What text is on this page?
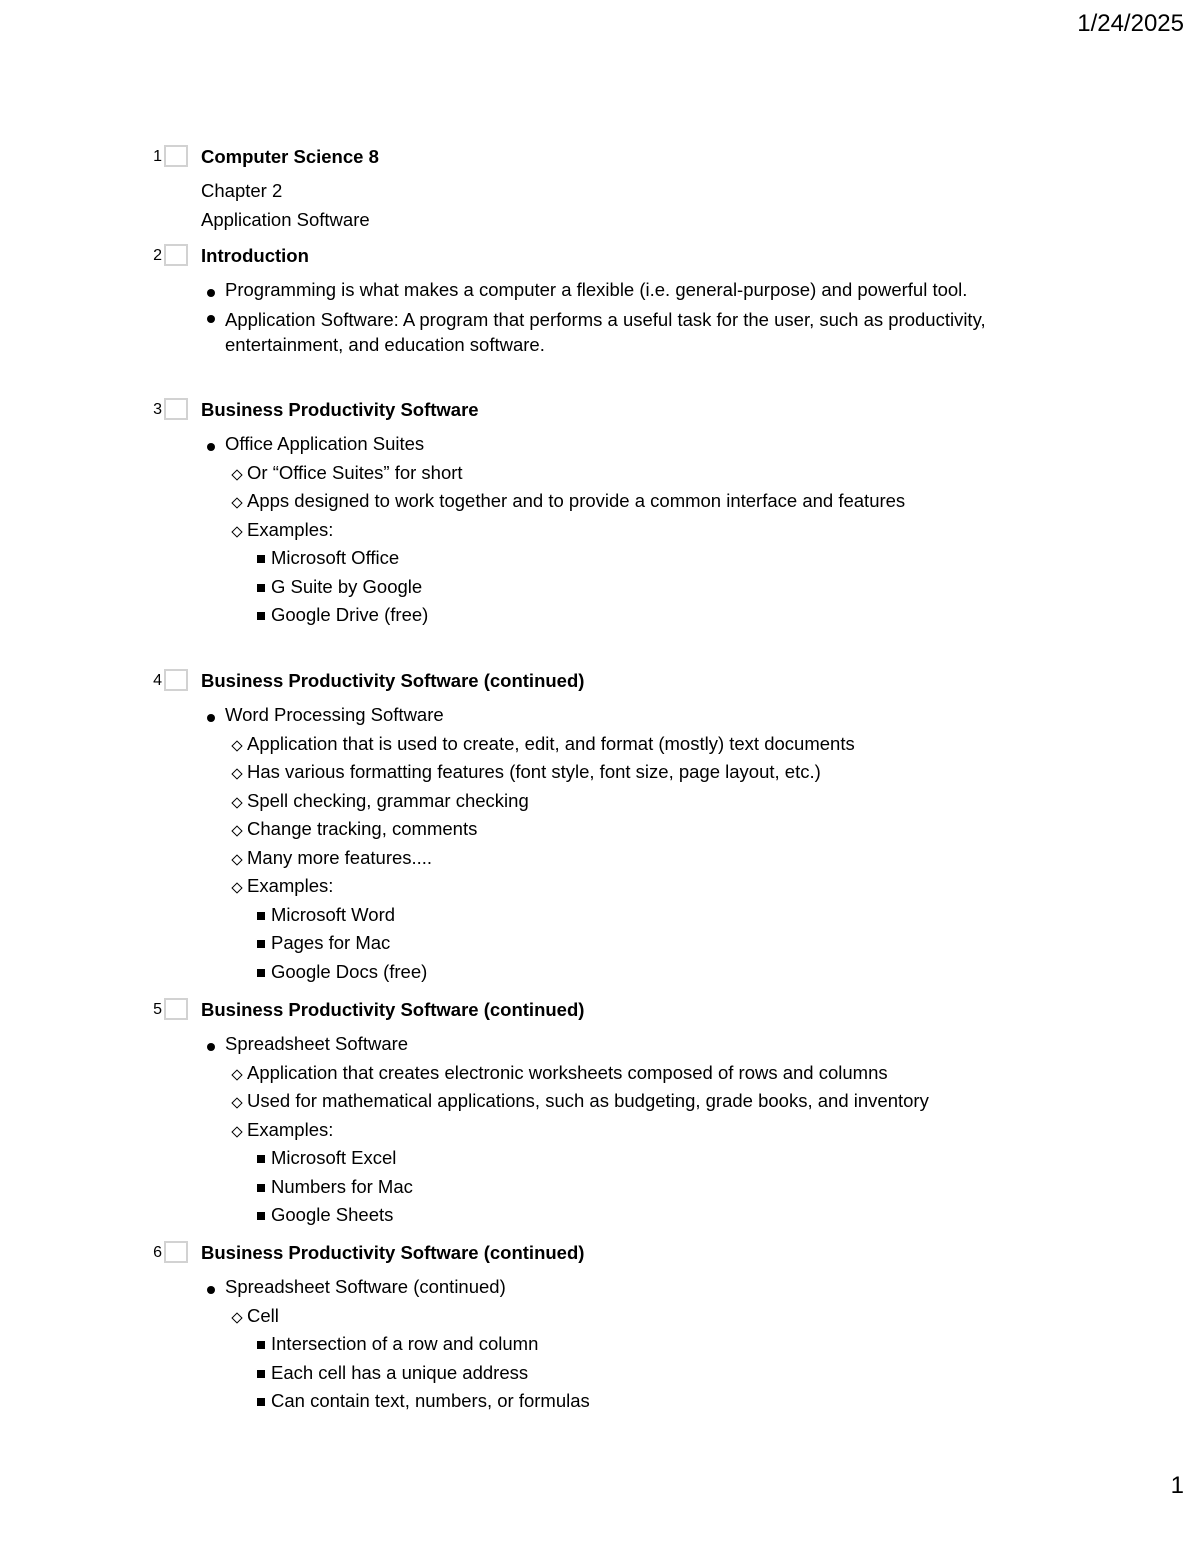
1/24/2025
1 Computer Science 8
Chapter 2
Application Software
2 Introduction
Programming is what makes a computer a flexible (i.e. general-purpose) and powerful tool.
Application Software: A program that performs a useful task for the user, such as productivity, entertainment, and education software.
3 Business Productivity Software
Office Application Suites
Or “Office Suites” for short
Apps designed to work together and to provide a common interface and features
Examples:
Microsoft Office
G Suite by Google
Google Drive (free)
4 Business Productivity Software (continued)
Word Processing Software
Application that is used to create, edit, and format (mostly) text documents
Has various formatting features (font style, font size, page layout, etc.)
Spell checking, grammar checking
Change tracking, comments
Many more features....
Examples:
Microsoft Word
Pages for Mac
Google Docs (free)
5 Business Productivity Software (continued)
Spreadsheet Software
Application that creates electronic worksheets composed of rows and columns
Used for mathematical applications, such as budgeting, grade books, and inventory
Examples:
Microsoft Excel
Numbers for Mac
Google Sheets
6 Business Productivity Software (continued)
Spreadsheet Software (continued)
Cell
Intersection of a row and column
Each cell has a unique address
Can contain text, numbers, or formulas
1
